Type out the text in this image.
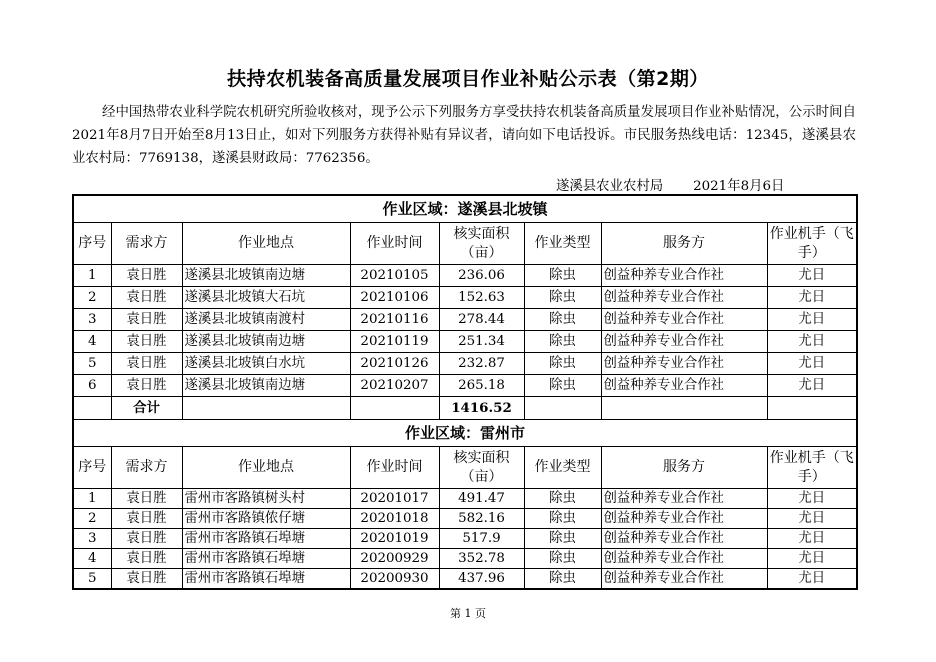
扶持农机装备高质量发展项目作业补贴公示表（第2期）
经中国热带农业科学院农机研究所验收核对，现予公示下列服务方享受扶持农机装备高质量发展项目作业补贴情况，公示时间自2021年8月7日开始至8月13日止，如对下列服务方获得补贴有异议者，请向如下电话投诉。市民服务热线电话：12345，遂溪县农业农村局：7769138，遂溪县财政局：7762356。
遂溪县农业农村局 2021年8月6日
作业区域：遂溪县北坡镇							
序号	需求方	作业地点	作业时间	核实面积（亩）	作业类型	服务方	作业机手（飞手）
1	袁日胜	遂溪县北坡镇南边塘	20210105	236.06	除虫	创益种养专业合作社	尤日
2	袁日胜	遂溪县北坡镇大石坑	20210106	152.63	除虫	创益种养专业合作社	尤日
3	袁日胜	遂溪县北坡镇南渡村	20210116	278.44	除虫	创益种养专业合作社	尤日
4	袁日胜	遂溪县北坡镇南边塘	20210119	251.34	除虫	创益种养专业合作社	尤日
5	袁日胜	遂溪县北坡镇白水坑	20210126	232.87	除虫	创益种养专业合作社	尤日
6	袁日胜	遂溪县北坡镇南边塘	20210207	265.18	除虫	创益种养专业合作社	尤日
	合计			1416.52			
作业区域：雷州市							
序号	需求方	作业地点	作业时间	核实面积（亩）	作业类型	服务方	作业机手（飞手）
1	袁日胜	雷州市客路镇树头村	20201017	491.47	除虫	创益种养专业合作社	尤日
2	袁日胜	雷州市客路镇侬仔塘	20201018	582.16	除虫	创益种养专业合作社	尤日
3	袁日胜	雷州市客路镇石埠塘	20201019	517.9	除虫	创益种养专业合作社	尤日
4	袁日胜	雷州市客路镇石埠塘	20200929	352.78	除虫	创益种养专业合作社	尤日
5	袁日胜	雷州市客路镇石埠塘	20200930	437.96	除虫	创益种养专业合作社	尤日
第 1 页
